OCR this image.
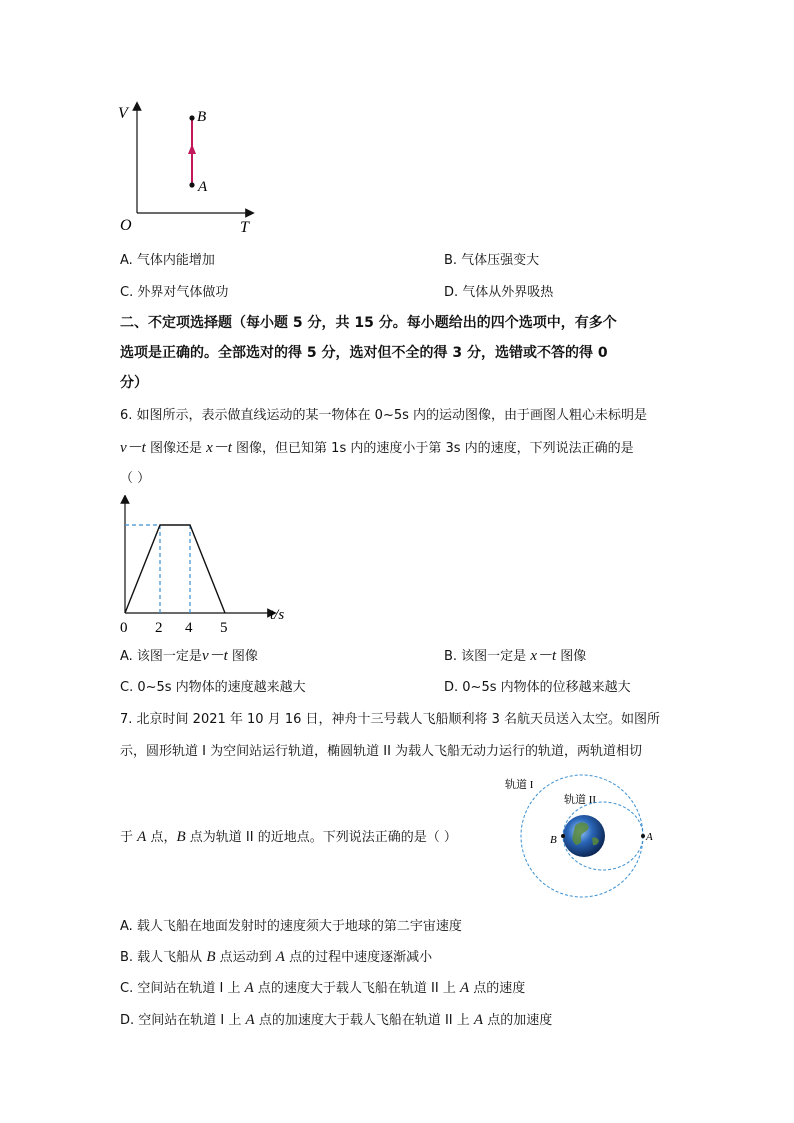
V
T
O
B
A
A. 气体内能增加	B. 气体压强变大
C. 外界对气体做功	D. 气体从外界吸热
二、不定项选择题（每小题 5 分，共 15 分。每小题给出的四个选项中，有多个
选项是正确的。全部选对的得 5 分，选对但不全的得 3 分，选错或不答的得 0
分）
6. 如图所示，表示做直线运动的某一物体在 0~5s 内的运动图像，由于画图人粗心未标明是
v－t 图像还是 x－t 图像，但已知第 1s 内的速度小于第 3s 内的速度，下列说法正确的是
（ ）
0 2 4 5
t/s
A. 该图一定是v－t 图像	B. 该图一定是 x－t 图像
C. 0~5s 内物体的速度越来越大	D. 0~5s 内物体的位移越来越大
7. 北京时间 2021 年 10 月 16 日，神舟十三号载人飞船顺利将 3 名航天员送入太空。如图所
示，圆形轨道 I 为空间站运行轨道，椭圆轨道 II 为载人飞船无动力运行的轨道，两轨道相切
于 A 点，B 点为轨道 II 的近地点。下列说法正确的是（ ）
轨道 I
轨道 II
B	A
A. 载人飞船在地面发射时的速度须大于地球的第二宇宙速度
B. 载人飞船从 B 点运动到 A 点的过程中速度逐渐减小
C. 空间站在轨道 I 上 A 点的速度大于载人飞船在轨道 II 上 A 点的速度
D. 空间站在轨道 I 上 A 点的加速度大于载人飞船在轨道 II 上 A 点的加速度
